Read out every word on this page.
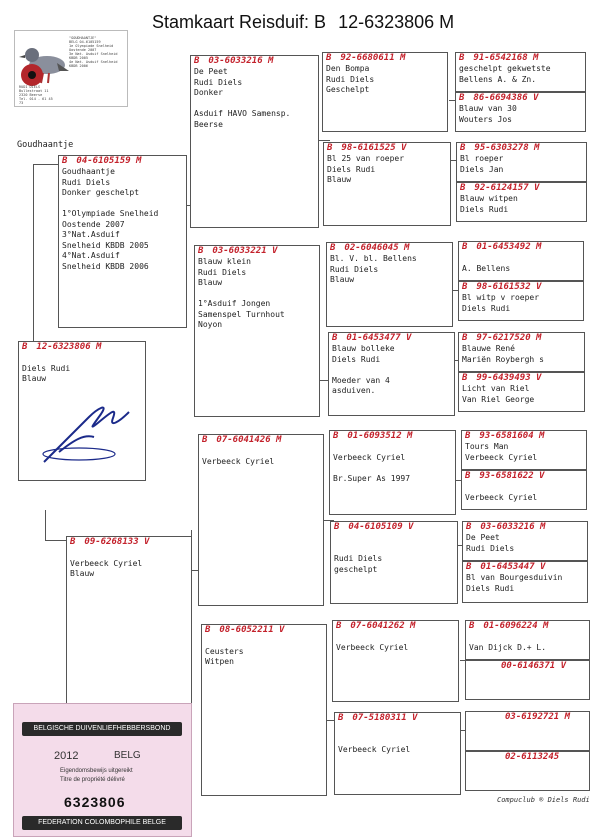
Stamkaart Reisduif: B 12-6323806 M
"GOUDHAANTJE"
BELG 04-6105159
1e Olympiade Snelheid Oostende 2007
3e Nat. Asduif Snelheid KBDB 2005
4e Nat. Asduif Snelheid KBDB 2006
RUDI DIELS
Bullestraat 11
2320 Beerse
Tel. 014 - 61 45 73
Goudhaantje
B 12-6323806 M
Diels Rudi
Blauw
B 04-6105159 M
Goudhaantje
Rudi Diels
Donker geschelpt
1°Olympiade Snelheid
Oostende 2007
3°Nat.Asduif
Snelheid KBDB 2005
4°Nat.Asduif
Snelheid KBDB 2006
B 09-6268133 V
Verbeeck Cyriel
Blauw
B 03-6033216 M
De Peet
Rudi Diels
Donker
Asduif HAVO Samensp.
Beerse
B 03-6033221 V
Blauw klein
Rudi Diels
Blauw
1°Asduif Jongen
Samenspel Turnhout
Noyon
B 07-6041426 M
Verbeeck Cyriel
B 08-6052211 V
Ceusters
Witpen
B 92-6680611 M
Den Bompa
Rudi Diels
Geschelpt
B 98-6161525 V
Bl 25 van roeper
Diels Rudi
Blauw
B 02-6046045 M
Bl. V. bl. Bellens
Rudi Diels
Blauw
B 01-6453477 V
Blauw bolleke
Diels Rudi
Moeder van 4
asduiven.
B 01-6093512 M
Verbeeck Cyriel
Br.Super As 1997
B 04-6105109 V
Rudi Diels
geschelpt
B 07-6041262 M
Verbeeck Cyriel
B 07-5180311 V
Verbeeck Cyriel
B 91-6542168 M
geschelpt gekwetste
Bellens A. & Zn.
B 86-6694386 V
Blauw van 30
Wouters Jos
B 95-6303278 M
Bl roeper
Diels Jan
B 92-6124157 V
Blauw witpen
Diels Rudi
B 01-6453492 M
A. Bellens
B 98-6161532 V
Bl witp v roeper
Diels Rudi
B 97-6217520 M
Blauwe René
Mariën Roybergh s
B 99-6439493 V
Licht van Riel
Van Riel George
B 93-6581604 M
Tours Man
Verbeeck Cyriel
B 93-6581622 V
Verbeeck Cyriel
B 03-6033216 M
De Peet
Rudi Diels
B 01-6453447 V
Bl van Bourgesduivin
Diels Rudi
B 01-6096224 M
Van Dijck D.+ L.
00-6146371 V
03-6192721 M
02-6113245
BELGISCHE DUIVENLIEFHEBBERSBOND
2012	BELG
Eigendomsbewijs uitgereikt
Titre de propriété délivré
6323806
FEDERATION COLOMBOPHILE BELGE
Compuclub ® Diels Rudi
